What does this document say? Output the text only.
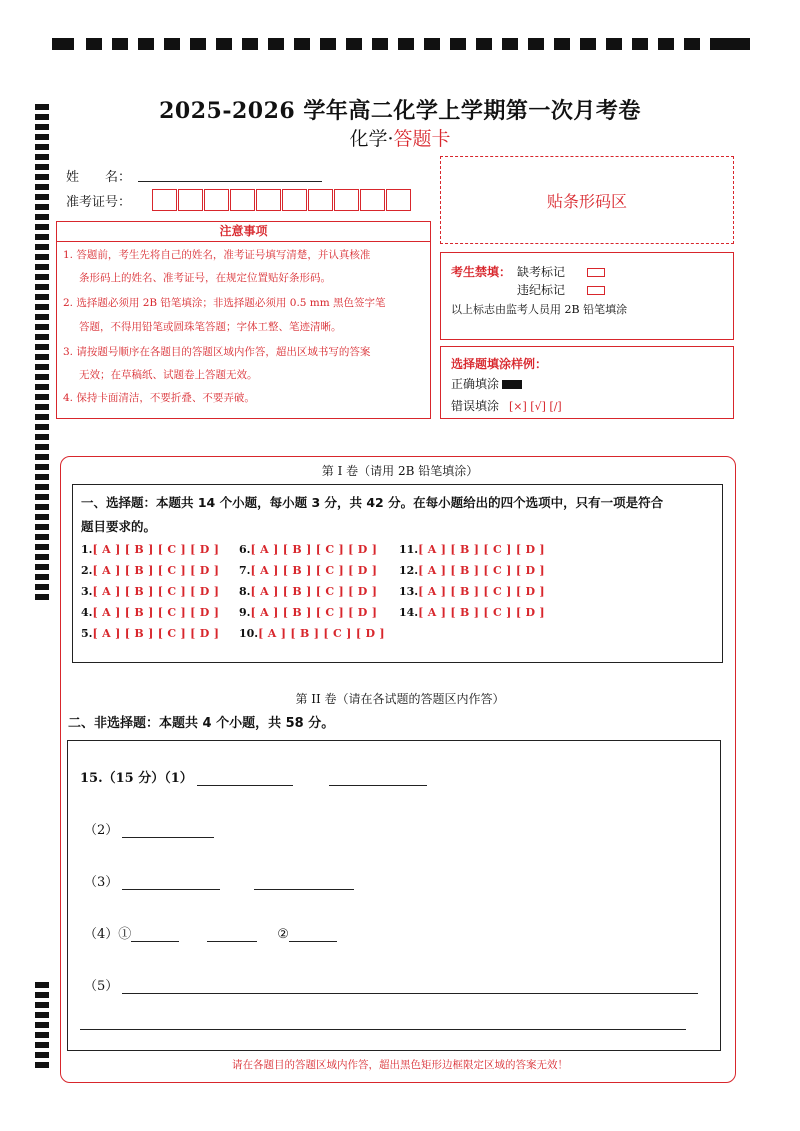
2025-2026 学年高二化学上学期第一次月考卷
化学·答题卡
姓　　名：
准考证号：	贴条形码区
注意事项
1. 答题前，考生先将自己的姓名，准考证号填写清楚，并认真核准
条形码上的姓名、准考证号，在规定位置贴好条形码。
2. 选择题必须用 2B 铅笔填涂；非选择题必须用 0.5 mm 黑色签字笔
答题，不得用铅笔或圆珠笔答题；字体工整、笔迹清晰。
3. 请按题号顺序在各题目的答题区域内作答，超出区域书写的答案
无效；在草稿纸、试题卷上答题无效。
4. 保持卡面清洁，不要折叠、不要弄破。
考生禁填： 缺考标记
违纪标记
以上标志由监考人员用 2B 铅笔填涂
选择题填涂样例：
正确填涂
错误填涂 [×] [√] [/]
第 I 卷（请用 2B 铅笔填涂）
一、选择题：本题共 14 个小题，每小题 3 分，共 42 分。在每小题给出的四个选项中，只有一项是符合
题目要求的。
1.[ A ] [ B ] [ C ] [ D ]
2.[ A ] [ B ] [ C ] [ D ]
3.[ A ] [ B ] [ C ] [ D ]
4.[ A ] [ B ] [ C ] [ D ]
5.[ A ] [ B ] [ C ] [ D ]
6.[ A ] [ B ] [ C ] [ D ]
7.[ A ] [ B ] [ C ] [ D ]
8.[ A ] [ B ] [ C ] [ D ]
9.[ A ] [ B ] [ C ] [ D ]
10.[ A ] [ B ] [ C ] [ D ]
11.[ A ] [ B ] [ C ] [ D ]
12.[ A ] [ B ] [ C ] [ D ]
13.[ A ] [ B ] [ C ] [ D ]
14.[ A ] [ B ] [ C ] [ D ]
第 II 卷（请在各试题的答题区内作答）
二、非选择题：本题共 4 个小题，共 58 分。
15.（15 分）（1）
（2）
（3）
（4）①	②
（5）
请在各题目的答题区域内作答，超出黑色矩形边框限定区域的答案无效！
